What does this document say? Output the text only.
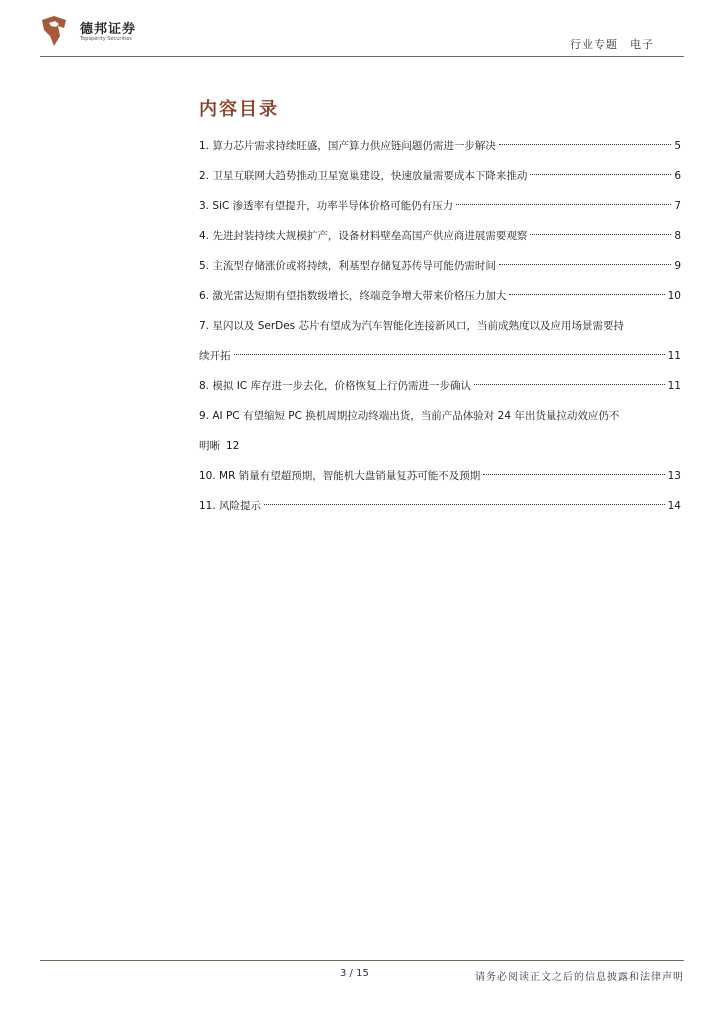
德邦证券
Topsperity Securities	行业专题　电子
内容目录
1. 算力芯片需求持续旺盛，国产算力供应链问题仍需进一步解决	5
2. 卫星互联网大趋势推动卫星宽巢建设，快速放量需要成本下降来推动	6
3. SiC 渗透率有望提升，功率半导体价格可能仍有压力	7
4. 先进封装持续大规模扩产，设备材料壁垒高国产供应商进展需要观察	8
5. 主流型存储涨价或将持续，利基型存储复苏传导可能仍需时间	9
6. 激光雷达短期有望指数级增长，终端竞争增大带来价格压力加大	10
7. 星闪以及 SerDes 芯片有望成为汽车智能化连接新风口，当前成熟度以及应用场景需要持
续开拓	11
8. 模拟 IC 库存进一步去化，价格恢复上行仍需进一步确认	11
9. AI PC 有望缩短 PC 换机周期拉动终端出货，当前产品体验对 24 年出货量拉动效应仍不
明晰 12
10. MR 销量有望超预期，智能机大盘销量复苏可能不及预期	13
11. 风险提示	14
3 / 15	请务必阅读正文之后的信息披露和法律声明
